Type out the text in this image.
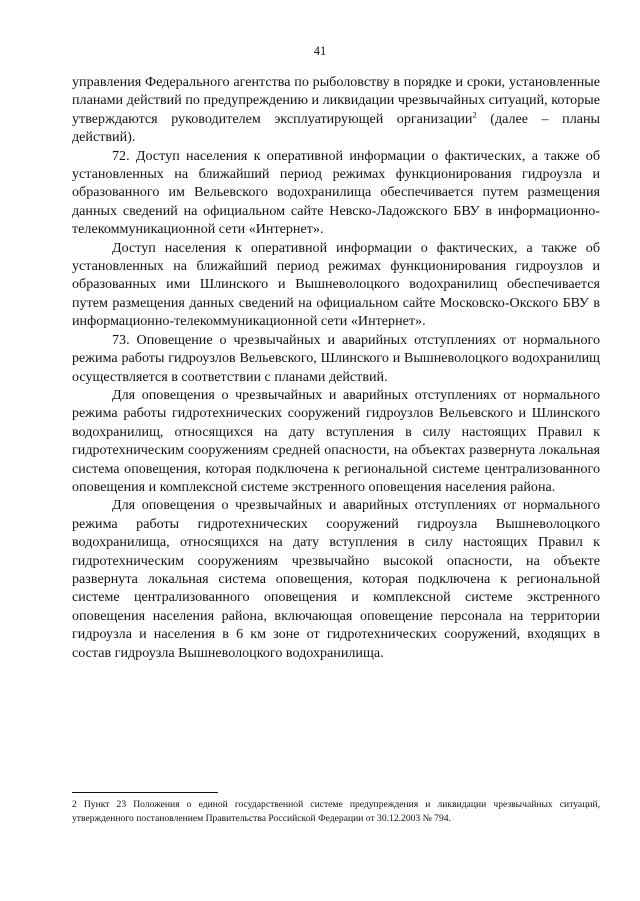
41

управления Федерального агентства по рыболовству в порядке и сроки, установленные планами действий по предупреждению и ликвидации чрезвычайных ситуаций, которые утверждаются руководителем эксплуатирующей организации$^2$ (далее – планы действий).

72. Доступ населения к оперативной информации о фактических, а также об установленных на ближайший период режимах функционирования гидроузла и образованного им Вельевского водохранилища обеспечивается путем размещения данных сведений на официальном сайте Невско-Ладожского БВУ в информационно-телекоммуникационной сети «Интернет».

Доступ населения к оперативной информации о фактических, а также об установленных на ближайший период режимах функционирования гидроузлов и образованных ими Шлинского и Вышневолоцкого водохранилищ обеспечивается путем размещения данных сведений на официальном сайте Московско-Окского БВУ в информационно-телекоммуникационной сети «Интернет».

73. Оповещение о чрезвычайных и аварийных отступлениях от нормального режима работы гидроузлов Вельевского, Шлинского и Вышневолоцкого водохранилищ осуществляется в соответствии с планами действий.

Для оповещения о чрезвычайных и аварийных отступлениях от нормального режима работы гидротехнических сооружений гидроузлов Вельевского и Шлинского водохранилищ, относящихся на дату вступления в силу настоящих Правил к гидротехническим сооружениям средней опасности, на объектах развернута локальная система оповещения, которая подключена к региональной системе централизованного оповещения и комплексной системе экстренного оповещения населения района.

Для оповещения о чрезвычайных и аварийных отступлениях от нормального режима работы гидротехнических сооружений гидроузла Вышневолоцкого водохранилища, относящихся на дату вступления в силу настоящих Правил к гидротехническим сооружениям чрезвычайно высокой опасности, на объекте развернута локальная система оповещения, которая подключена к региональной системе централизованного оповещения и комплексной системе экстренного оповещения населения района, включающая оповещение персонала на территории гидроузла и населения в 6 км зоне от гидротехнических сооружений, входящих в состав гидроузла Вышневолоцкого водохранилища.

2 Пункт 23 Положения о единой государственной системе предупреждения и ликвидации чрезвычайных ситуаций, утвержденного постановлением Правительства Российской Федерации от 30.12.2003 № 794.
